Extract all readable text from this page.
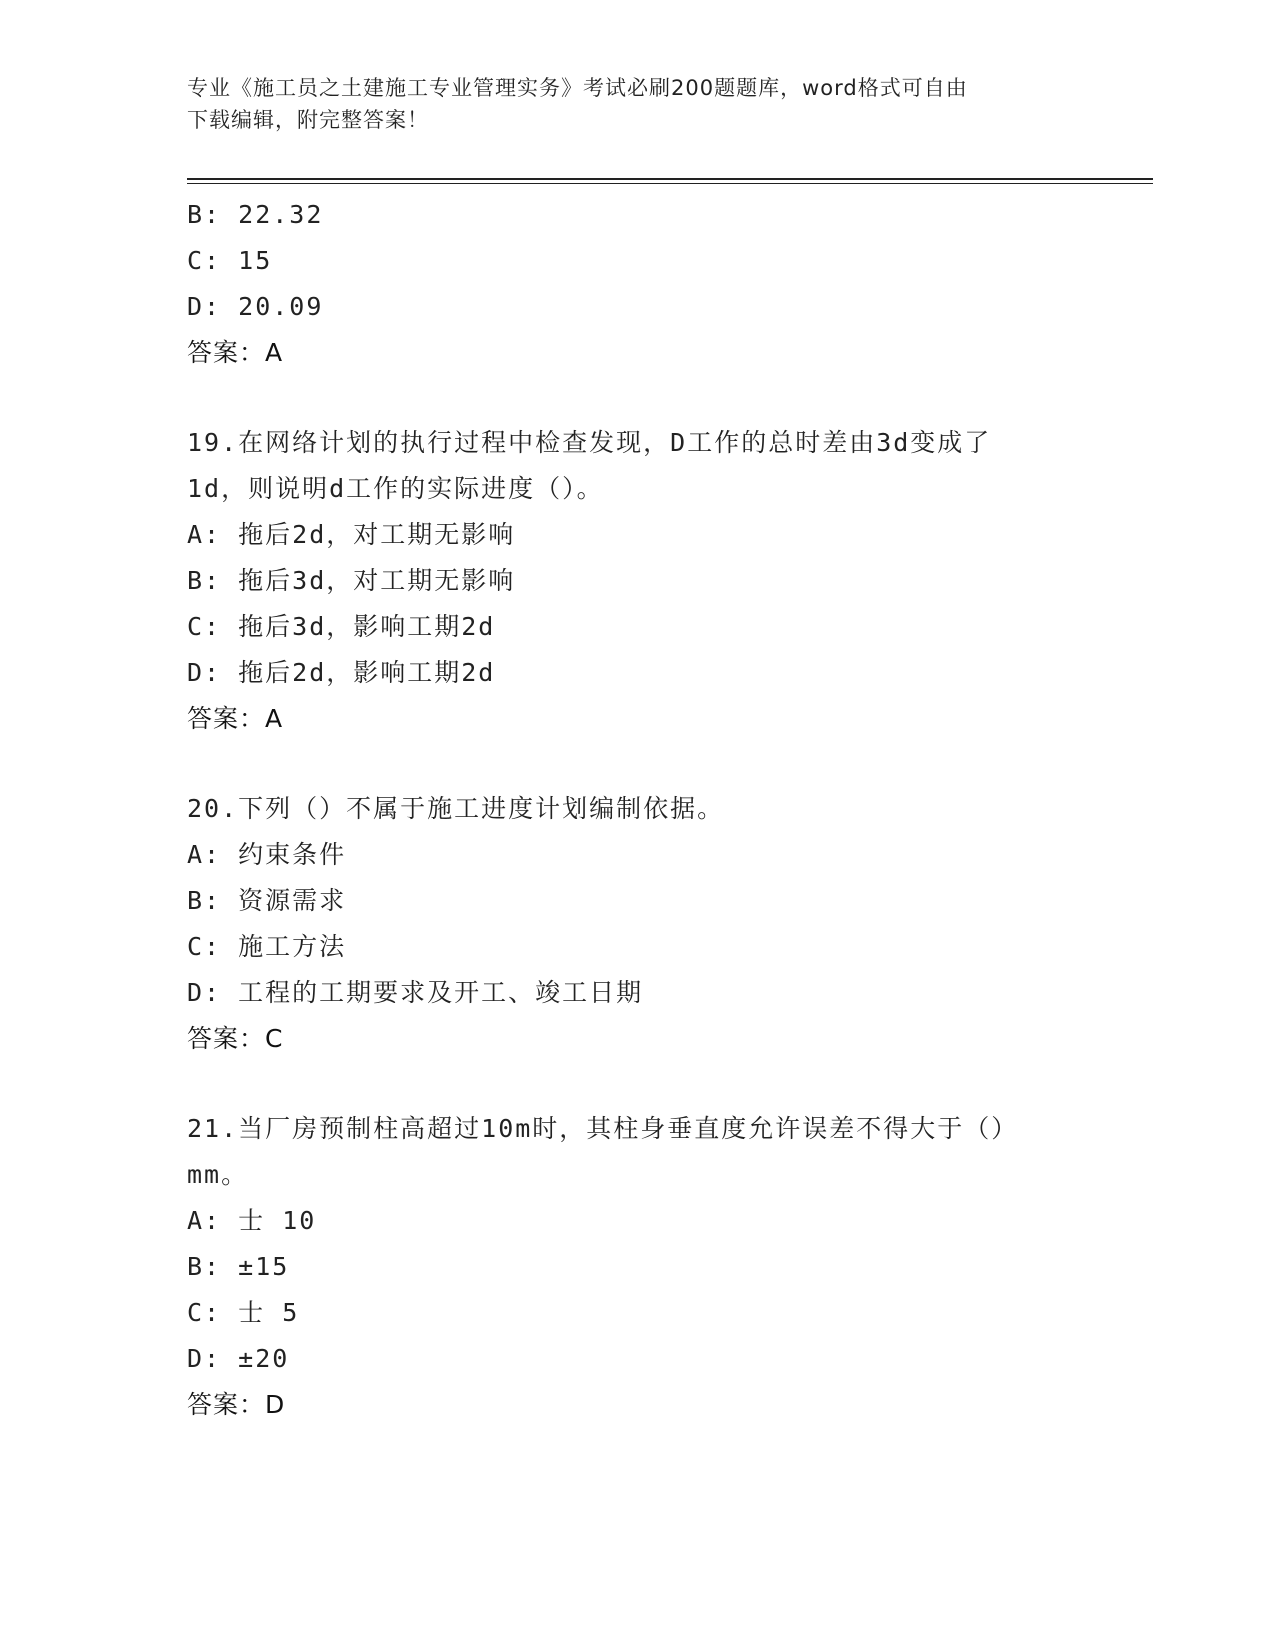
专业《施工员之土建施工专业管理实务》考试必刷200题题库，word格式可自由
下载编辑，附完整答案！
B: 22.32
C: 15
D: 20.09
答案：A
19.在网络计划的执行过程中检查发现，D工作的总时差由3d变成了
1d，则说明d工作的实际进度（）。
A: 拖后2d，对工期无影响
B: 拖后3d，对工期无影响
C: 拖后3d，影响工期2d
D: 拖后2d，影响工期2d
答案：A
20.下列（）不属于施工进度计划编制依据。
A: 约束条件
B: 资源需求
C: 施工方法
D: 工程的工期要求及开工、竣工日期
答案：C
21.当厂房预制柱高超过10m时，其柱身垂直度允许误差不得大于（）
mm。
A: 士 10
B: ±15
C: 士 5
D: ±20
答案：D
